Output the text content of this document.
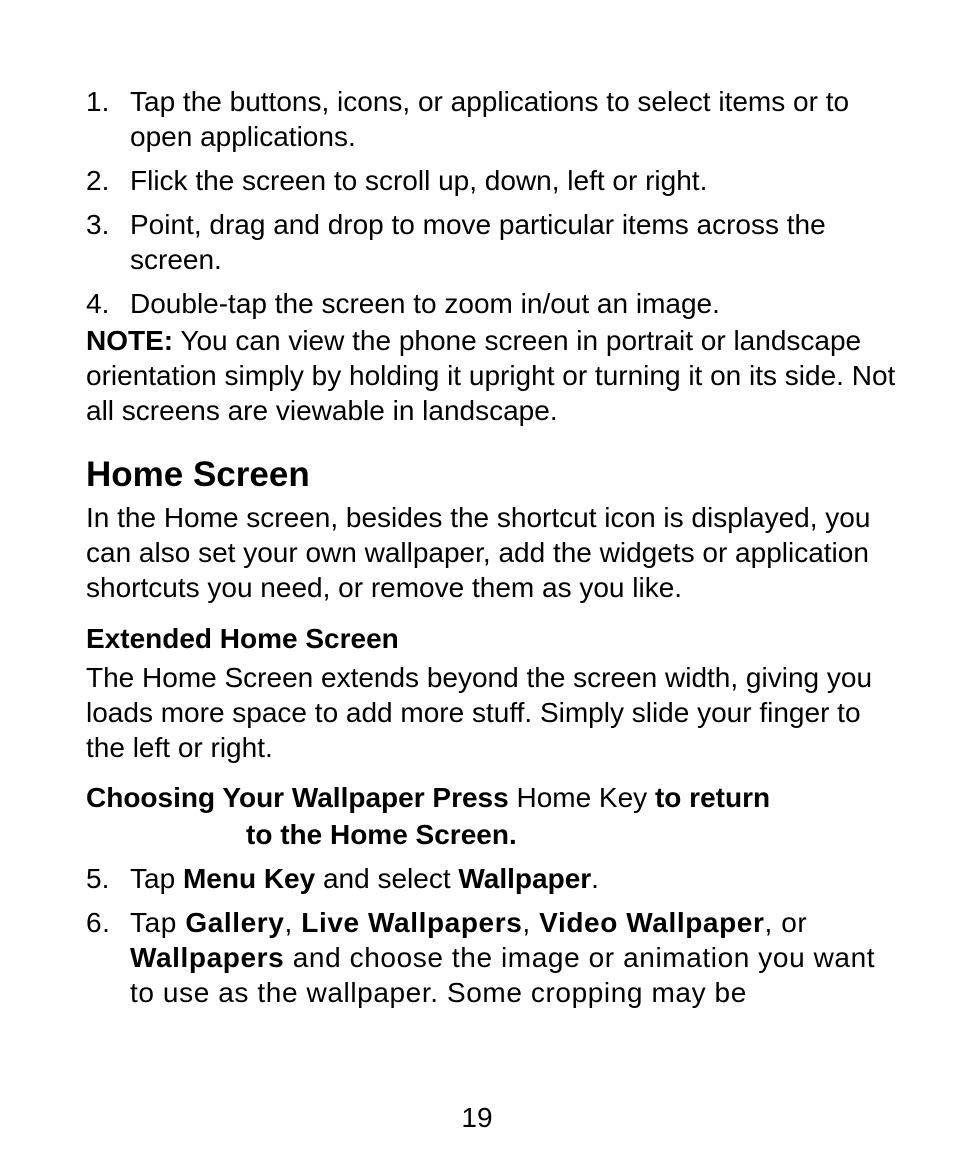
1. Tap the buttons, icons, or applications to select items or to open applications.
2. Flick the screen to scroll up, down, left or right.
3. Point, drag and drop to move particular items across the screen.
4. Double-tap the screen to zoom in/out an image.

NOTE: You can view the phone screen in portrait or landscape orientation simply by holding it upright or turning it on its side. Not all screens are viewable in landscape.

Home Screen

In the Home screen, besides the shortcut icon is displayed, you can also set your own wallpaper, add the widgets or application shortcuts you need, or remove them as you like.

Extended Home Screen

The Home Screen extends beyond the screen width, giving you loads more space to add more stuff. Simply slide your finger to the left or right.

Choosing Your Wallpaper Press Home Key to return
to the Home Screen.

5. Tap Menu Key and select Wallpaper.
6. Tap Gallery, Live Wallpapers, Video Wallpaper, or Wallpapers and choose the image or animation you want to use as the wallpaper. Some cropping may be
19
